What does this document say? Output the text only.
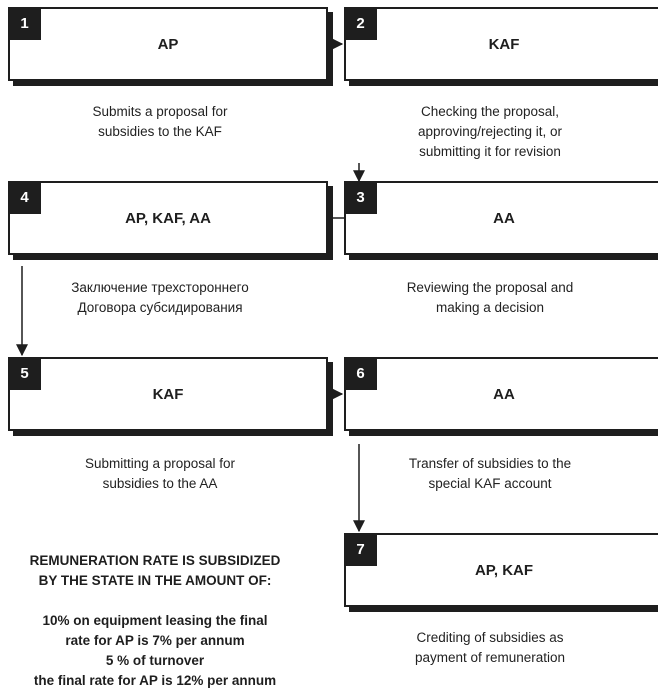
1
AP
Submits a proposal for
subsidies to the KAF
2
KAF
Checking the proposal,
approving/rejecting it, or
submitting it for revision
4
AP, KAF, AA
Заключение трехстороннего
Договора субсидирования
3
AA
Reviewing the proposal and
making a decision
5
KAF
Submitting a proposal for
subsidies to the AA
6
AA
Transfer of subsidies to the
special KAF account
7
AP, KAF
Crediting of subsidies as
payment of remuneration
REMUNERATION RATE IS SUBSIDIZED
BY THE STATE IN THE AMOUNT OF:
10% on equipment leasing the final
rate for AP is 7% per annum
5 % of turnover
the final rate for AP is 12% per annum
